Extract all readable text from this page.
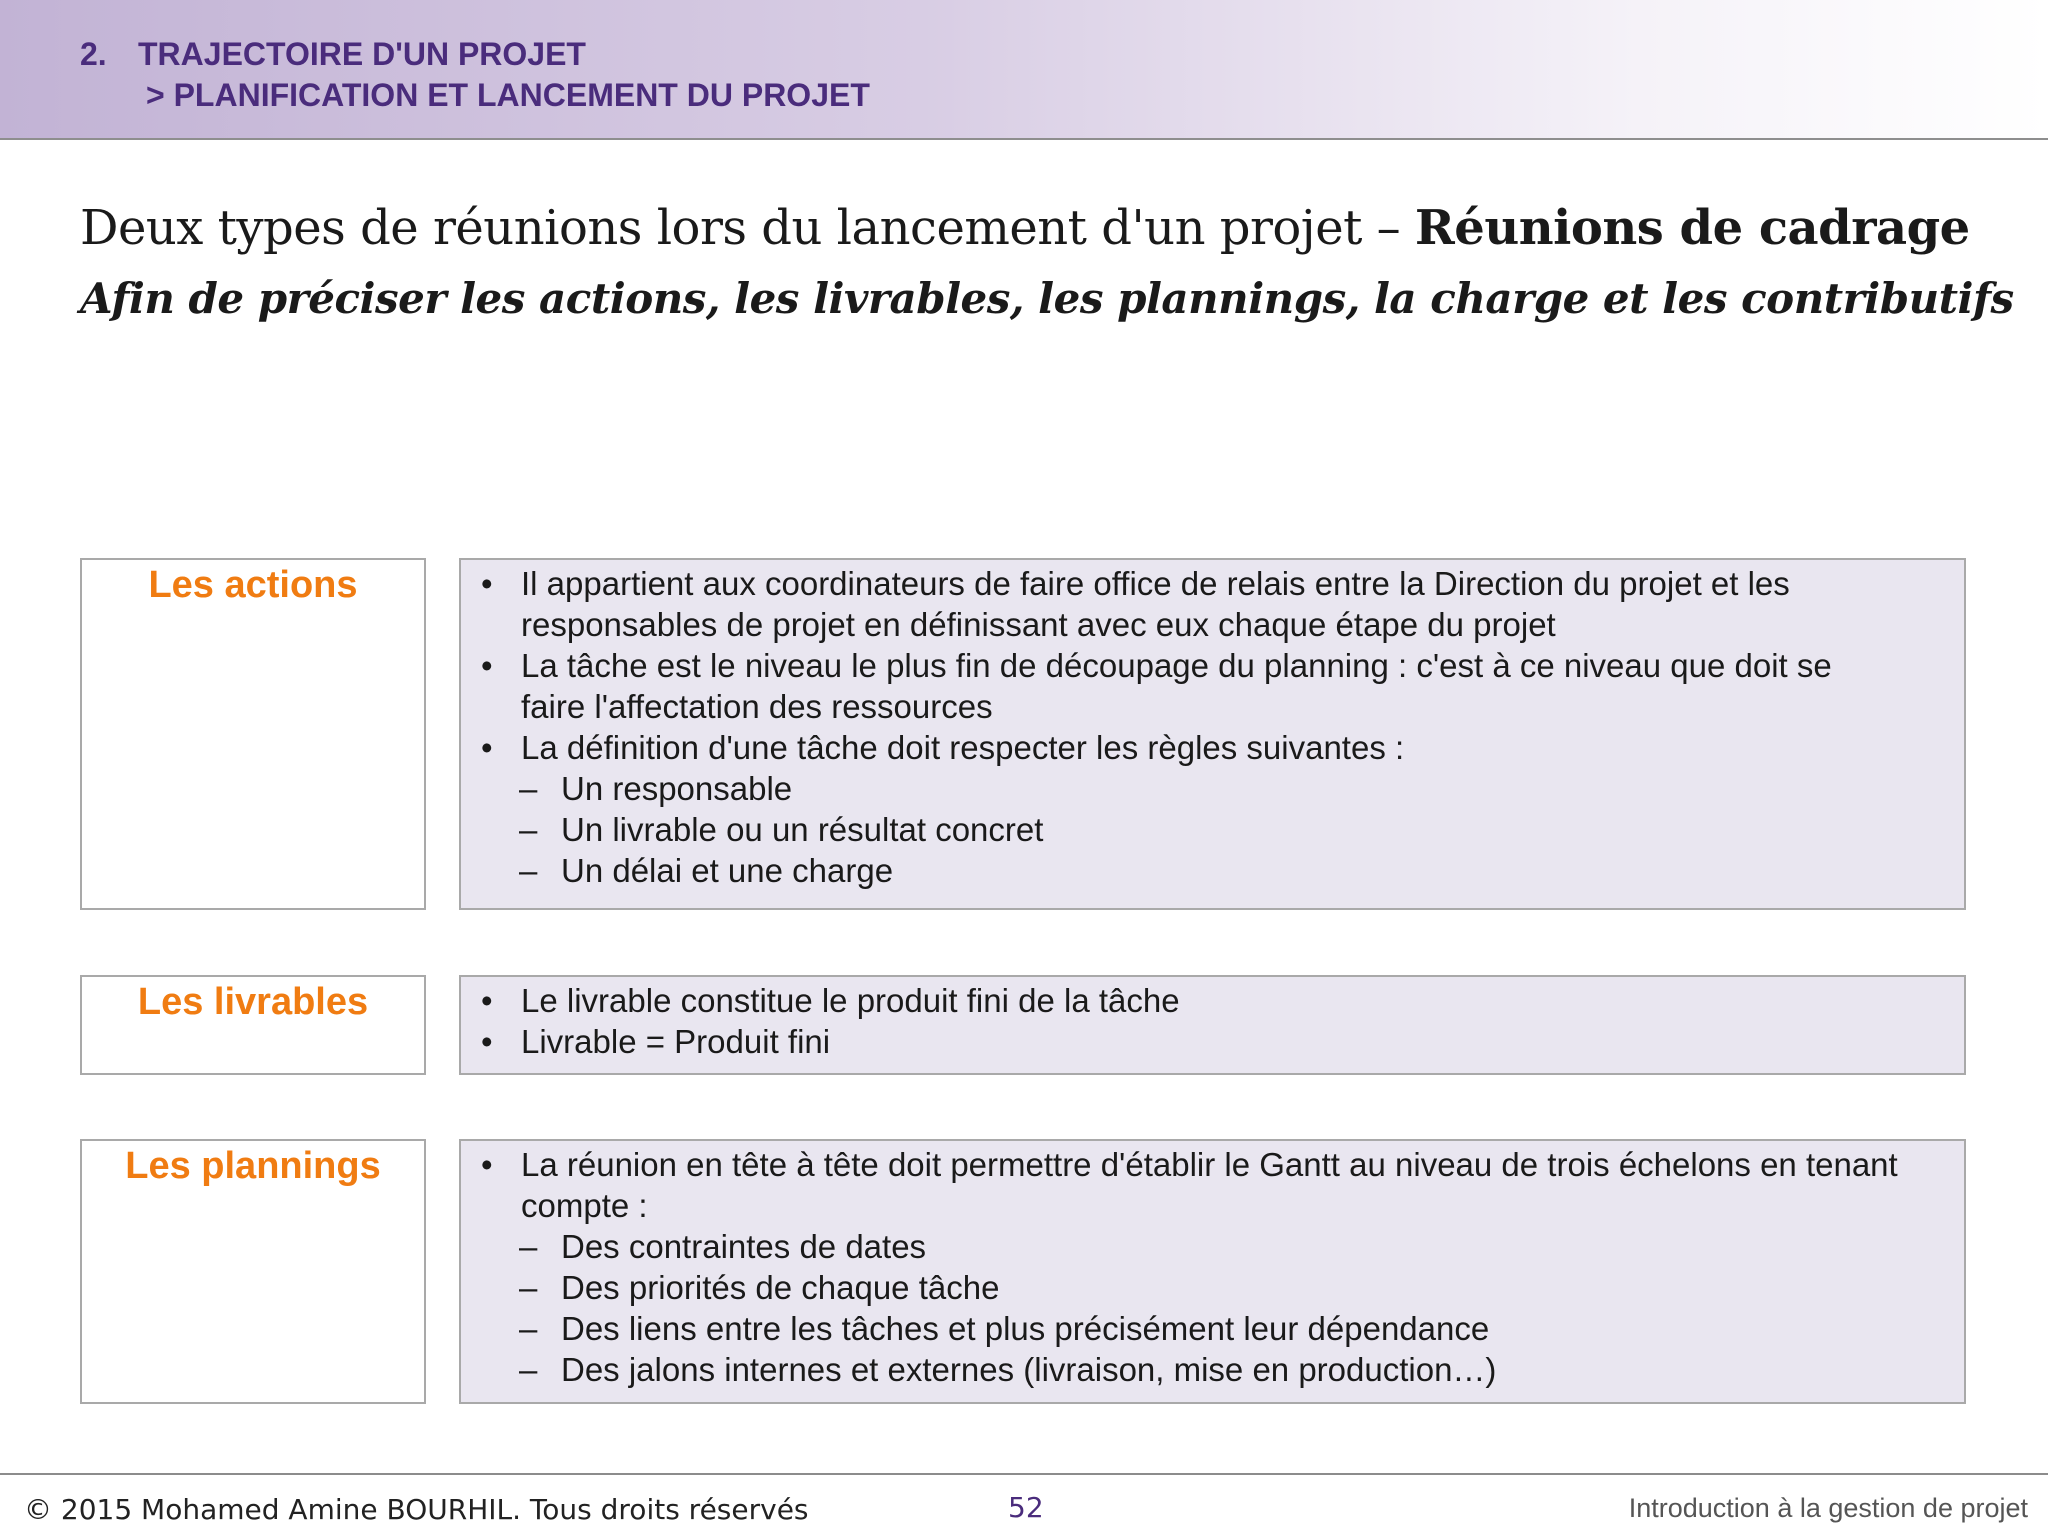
2. TRAJECTOIRE D'UN PROJET
> PLANIFICATION ET LANCEMENT DU PROJET
Deux types de réunions lors du lancement d'un projet – Réunions de cadrage
Afin de préciser les actions, les livrables, les plannings, la charge et les contributifs
Les actions	• Il appartient aux coordinateurs de faire office de relais entre la Direction du projet et les
responsables de projet en définissant avec eux chaque étape du projet
• La tâche est le niveau le plus fin de découpage du planning : c'est à ce niveau que doit se
faire l'affectation des ressources
• La définition d'une tâche doit respecter les règles suivantes :
– Un responsable
– Un livrable ou un résultat concret
– Un délai et une charge
Les livrables	• Le livrable constitue le produit fini de la tâche
• Livrable = Produit fini
Les plannings	• La réunion en tête à tête doit permettre d'établir le Gantt au niveau de trois échelons en tenant
compte :
– Des contraintes de dates
– Des priorités de chaque tâche
– Des liens entre les tâches et plus précisément leur dépendance
– Des jalons internes et externes (livraison, mise en production…)
© 2015 Mohamed Amine BOURHIL. Tous droits réservés	52	Introduction à la gestion de projet
